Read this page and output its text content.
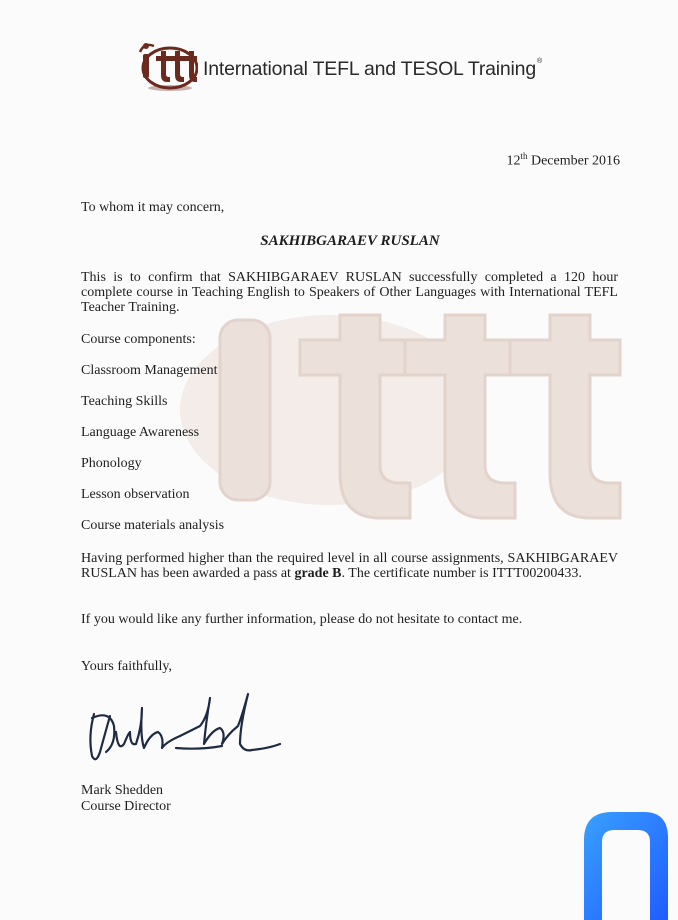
International TEFL and TESOL Training®
12th December 2016
To whom it may concern,
SAKHIBGARAEV RUSLAN
This is to confirm that SAKHIBGARAEV RUSLAN successfully completed a 120 hour complete course in Teaching English to Speakers of Other Languages with International TEFL Teacher Training.
Course components:
Classroom Management
Teaching Skills
Language Awareness
Phonology
Lesson observation
Course materials analysis
Having performed higher than the required level in all course assignments, SAKHIBGARAEV RUSLAN has been awarded a pass at grade B. The certificate number is ITTT00200433.
If you would like any further information, please do not hesitate to contact me.
Yours faithfully,
Mark Shedden
Course Director
